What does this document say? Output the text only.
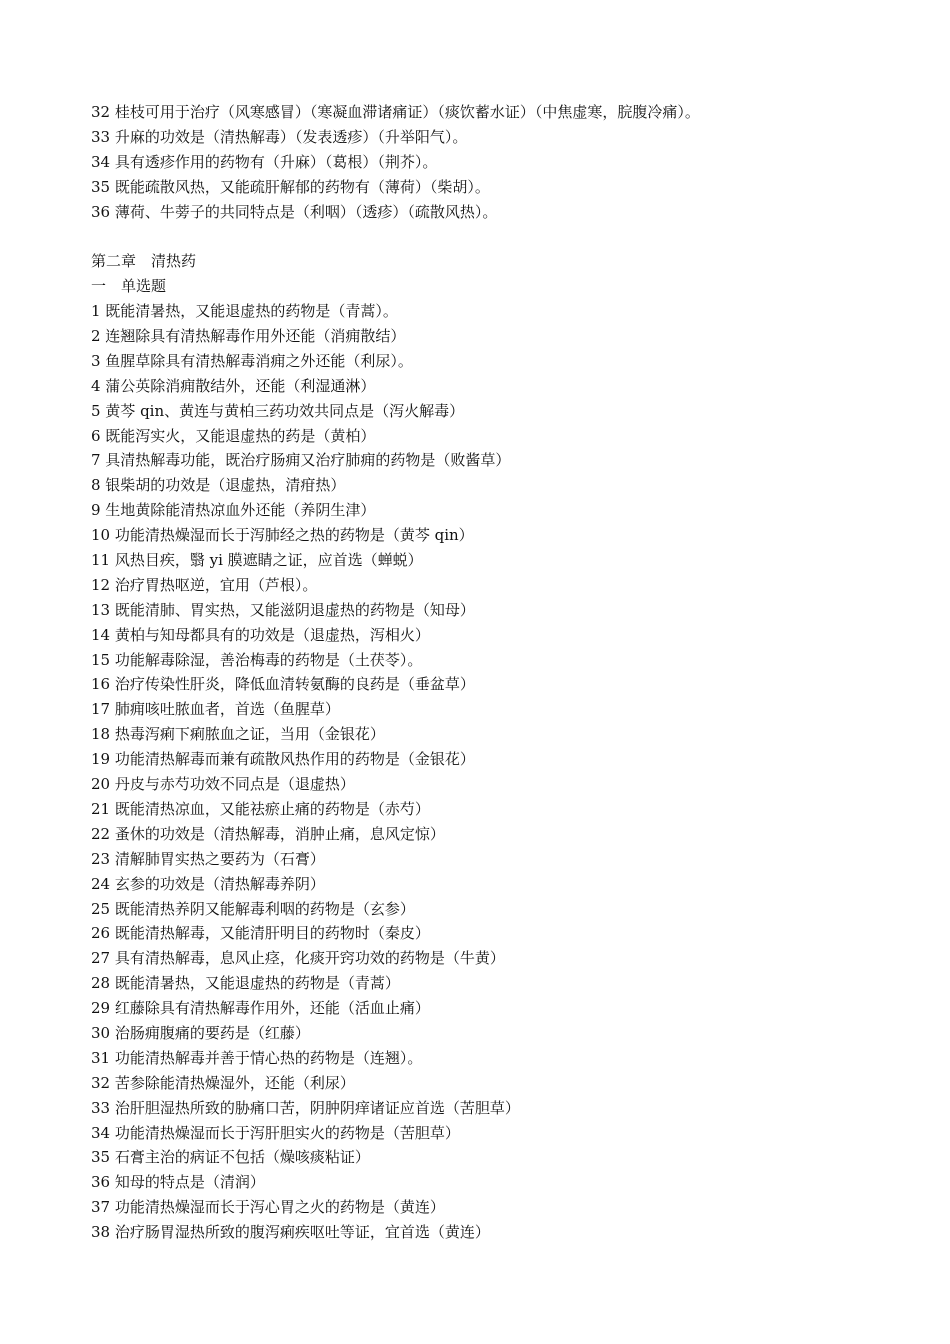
32 桂枝可用于治疗（风寒感冒）（寒凝血滞诸痛证）（痰饮蓄水证）（中焦虚寒，脘腹冷痛）。
33 升麻的功效是（清热解毒）（发表透疹）（升举阳气）。
34 具有透疹作用的药物有（升麻）（葛根）（荆芥）。
35 既能疏散风热，又能疏肝解郁的药物有（薄荷）（柴胡）。
36 薄荷、牛蒡子的共同特点是（利咽）（透疹）（疏散风热）。
第二章　清热药
一　单选题
1 既能清暑热，又能退虚热的药物是（青蒿）。
2 连翘除具有清热解毒作用外还能（消痈散结）
3 鱼腥草除具有清热解毒消痈之外还能（利尿）。
4 蒲公英除消痈散结外，还能（利湿通淋）
5 黄芩 qin、黄连与黄柏三药功效共同点是（泻火解毒）
6 既能泻实火，又能退虚热的药是（黄柏）
7 具清热解毒功能，既治疗肠痈又治疗肺痈的药物是（败酱草）
8 银柴胡的功效是（退虚热，清疳热）
9 生地黄除能清热凉血外还能（养阴生津）
10 功能清热燥湿而长于泻肺经之热的药物是（黄芩 qin）
11 风热目疾，翳 yi 膜遮睛之证，应首选（蝉蜕）
12 治疗胃热呕逆，宜用（芦根）。
13 既能清肺、胃实热，又能滋阴退虚热的药物是（知母）
14 黄柏与知母都具有的功效是（退虚热，泻相火）
15 功能解毒除湿，善治梅毒的药物是（土茯苓）。
16 治疗传染性肝炎，降低血清转氨酶的良药是（垂盆草）
17 肺痈咳吐脓血者，首选（鱼腥草）
18 热毒泻痢下痢脓血之证，当用（金银花）
19 功能清热解毒而兼有疏散风热作用的药物是（金银花）
20 丹皮与赤芍功效不同点是（退虚热）
21 既能清热凉血，又能祛瘀止痛的药物是（赤芍）
22 蚤休的功效是（清热解毒，消肿止痛，息风定惊）
23 清解肺胃实热之要药为（石膏）
24 玄参的功效是（清热解毒养阴）
25 既能清热养阴又能解毒利咽的药物是（玄参）
26 既能清热解毒，又能清肝明目的药物时（秦皮）
27 具有清热解毒，息风止痉，化痰开窍功效的药物是（牛黄）
28 既能清暑热，又能退虚热的药物是（青蒿）
29 红藤除具有清热解毒作用外，还能（活血止痛）
30 治肠痈腹痛的要药是（红藤）
31 功能清热解毒并善于情心热的药物是（连翘）。
32 苦参除能清热燥湿外，还能（利尿）
33 治肝胆湿热所致的胁痛口苦，阴肿阴痒诸证应首选（苦胆草）
34 功能清热燥湿而长于泻肝胆实火的药物是（苦胆草）
35 石膏主治的病证不包括（燥咳痰粘证）
36 知母的特点是（清润）
37 功能清热燥湿而长于泻心胃之火的药物是（黄连）
38 治疗肠胃湿热所致的腹泻痢疾呕吐等证，宜首选（黄连）
